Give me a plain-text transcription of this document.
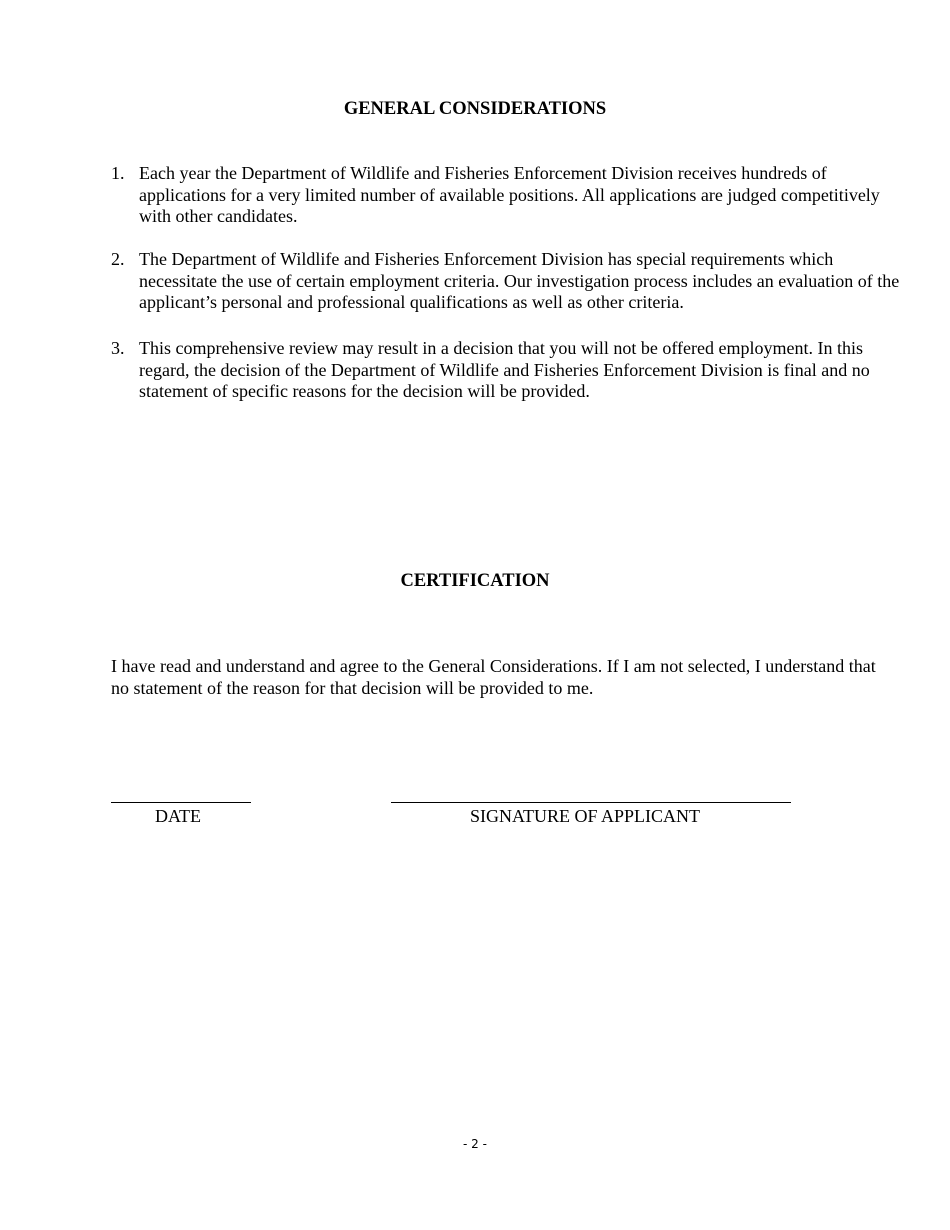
GENERAL CONSIDERATIONS
1. Each year the Department of Wildlife and Fisheries Enforcement Division receives hundreds of applications for a very limited number of available positions. All applications are judged competitively with other candidates.
2. The Department of Wildlife and Fisheries Enforcement Division has special requirements which necessitate the use of certain employment criteria. Our investigation process includes an evaluation of the applicant’s personal and professional qualifications as well as other criteria.
3. This comprehensive review may result in a decision that you will not be offered employment. In this regard, the decision of the Department of Wildlife and Fisheries Enforcement Division is final and no statement of specific reasons for the decision will be provided.
CERTIFICATION

I have read and understand and agree to the General Considerations. If I am not selected, I understand that no statement of the reason for that decision will be provided to me.

DATE	SIGNATURE OF APPLICANT
- 2 -
